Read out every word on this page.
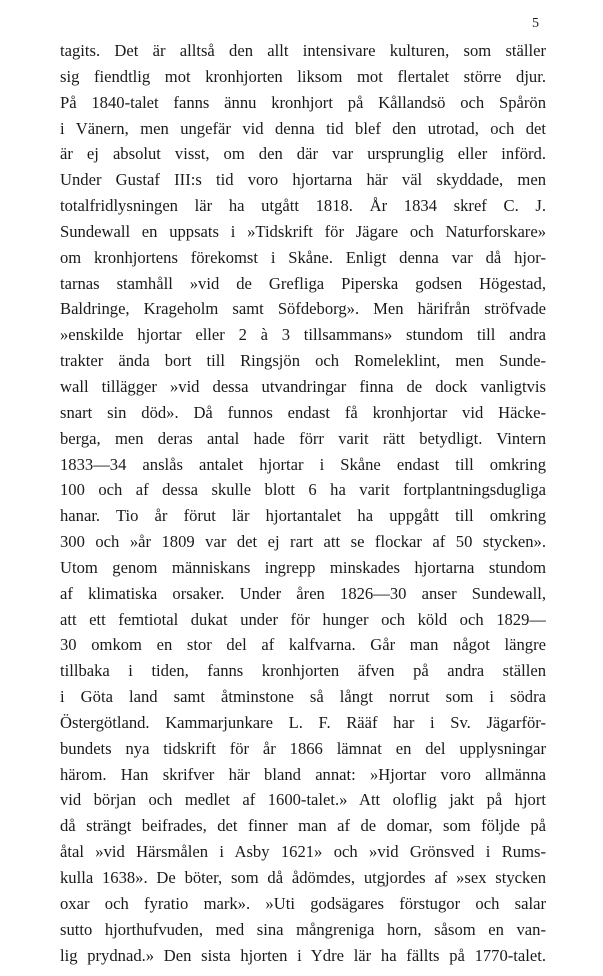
5
tagits. Det är alltså den allt intensivare kulturen, som ställer
sig fiendtlig mot kronhjorten liksom mot flertalet större djur.
På 1840-talet fanns ännu kronhjort på Kållandsö och Spårön
i Vänern, men ungefär vid denna tid blef den utrotad, och det
är ej absolut visst, om den där var ursprunglig eller införd.
Under Gustaf III:s tid voro hjortarna här väl skyddade, men
totalfridlysningen lär ha utgått 1818. År 1834 skref C. J.
Sundewall en uppsats i »Tidskrift för Jägare och Naturforskare»
om kronhjortens förekomst i Skåne. Enligt denna var då hjor-
tarnas stamhåll »vid de Grefliga Piperska godsen Högestad,
Baldringe, Krageholm samt Söfdeborg». Men härifrån ströfvade
»enskilde hjortar eller 2 à 3 tillsammans» stundom till andra
trakter ända bort till Ringsjön och Romeleklint, men Sunde-
wall tillägger »vid dessa utvandringar finna de dock vanligtvis
snart sin död». Då funnos endast få kronhjortar vid Häcke-
berga, men deras antal hade förr varit rätt betydligt. Vintern
1833—34 anslås antalet hjortar i Skåne endast till omkring
100 och af dessa skulle blott 6 ha varit fortplantningsdugliga
hanar. Tio år förut lär hjortantalet ha uppgått till omkring
300 och »år 1809 var det ej rart att se flockar af 50 stycken».
Utom genom människans ingrepp minskades hjortarna stundom
af klimatiska orsaker. Under åren 1826—30 anser Sundewall,
att ett femtiotal dukat under för hunger och köld och 1829—
30 omkom en stor del af kalfvarna. Går man något längre
tillbaka i tiden, fanns kronhjorten äfven på andra ställen
i Göta land samt åtminstone så långt norrut som i södra
Östergötland. Kammarjunkare L. F. Rääf har i Sv. Jägarför-
bundets nya tidskrift för år 1866 lämnat en del upplysningar
härom. Han skrifver här bland annat: »Hjortar voro allmänna
vid början och medlet af 1600-talet.» Att oloflig jakt på hjort
då strängt beifrades, det finner man af de domar, som följde på
åtal »vid Härsmålen i Asby 1621» och »vid Grönsved i Rums-
kulla 1638». De böter, som då ådömdes, utgjordes af »sex stycken
oxar och fyratio mark». »Uti godsägares förstugor och salar
sutto hjorthufvuden, med sina mångreniga horn, såsom en van-
lig prydnad.» Den sista hjorten i Ydre lär ha fällts på 1770-talet.
